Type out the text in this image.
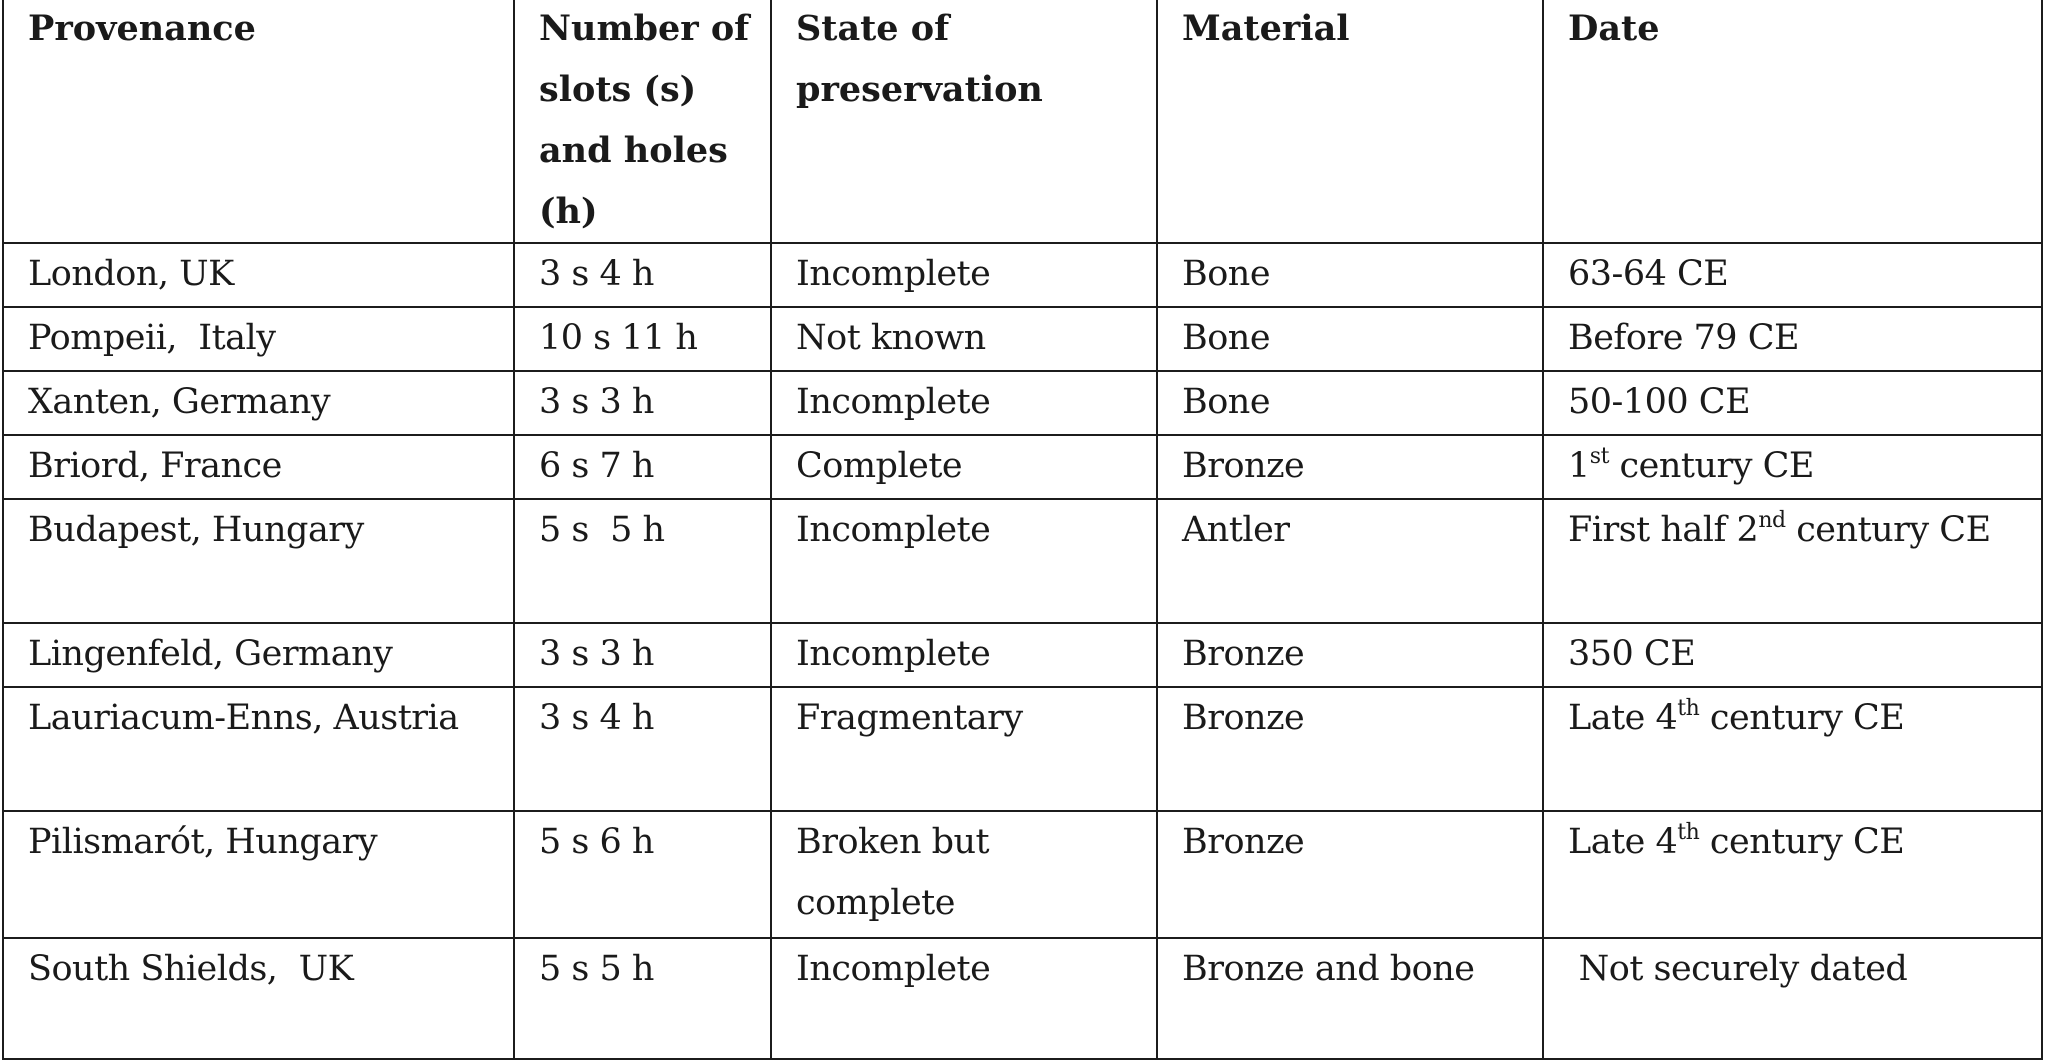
Provenance	Number of slots (s) and holes (h)	State of preservation	Material	Date
London, UK	3 s 4 h	Incomplete	Bone	63-64 CE
Pompeii,  Italy	10 s 11 h	Not known	Bone	Before 79 CE
Xanten, Germany	3 s 3 h	Incomplete	Bone	50-100 CE
Briord, France	6 s 7 h	Complete	Bronze	1st century CE
Budapest, Hungary	5 s  5 h	Incomplete	Antler	First half 2nd century CE
Lingenfeld, Germany	3 s 3 h	Incomplete	Bronze	350 CE
Lauriacum-Enns, Austria	3 s 4 h	Fragmentary	Bronze	Late 4th century CE
Pilismarót, Hungary	5 s 6 h	Broken but complete	Bronze	Late 4th century CE
South Shields,  UK	5 s 5 h	Incomplete	Bronze and bone	Not securely dated
